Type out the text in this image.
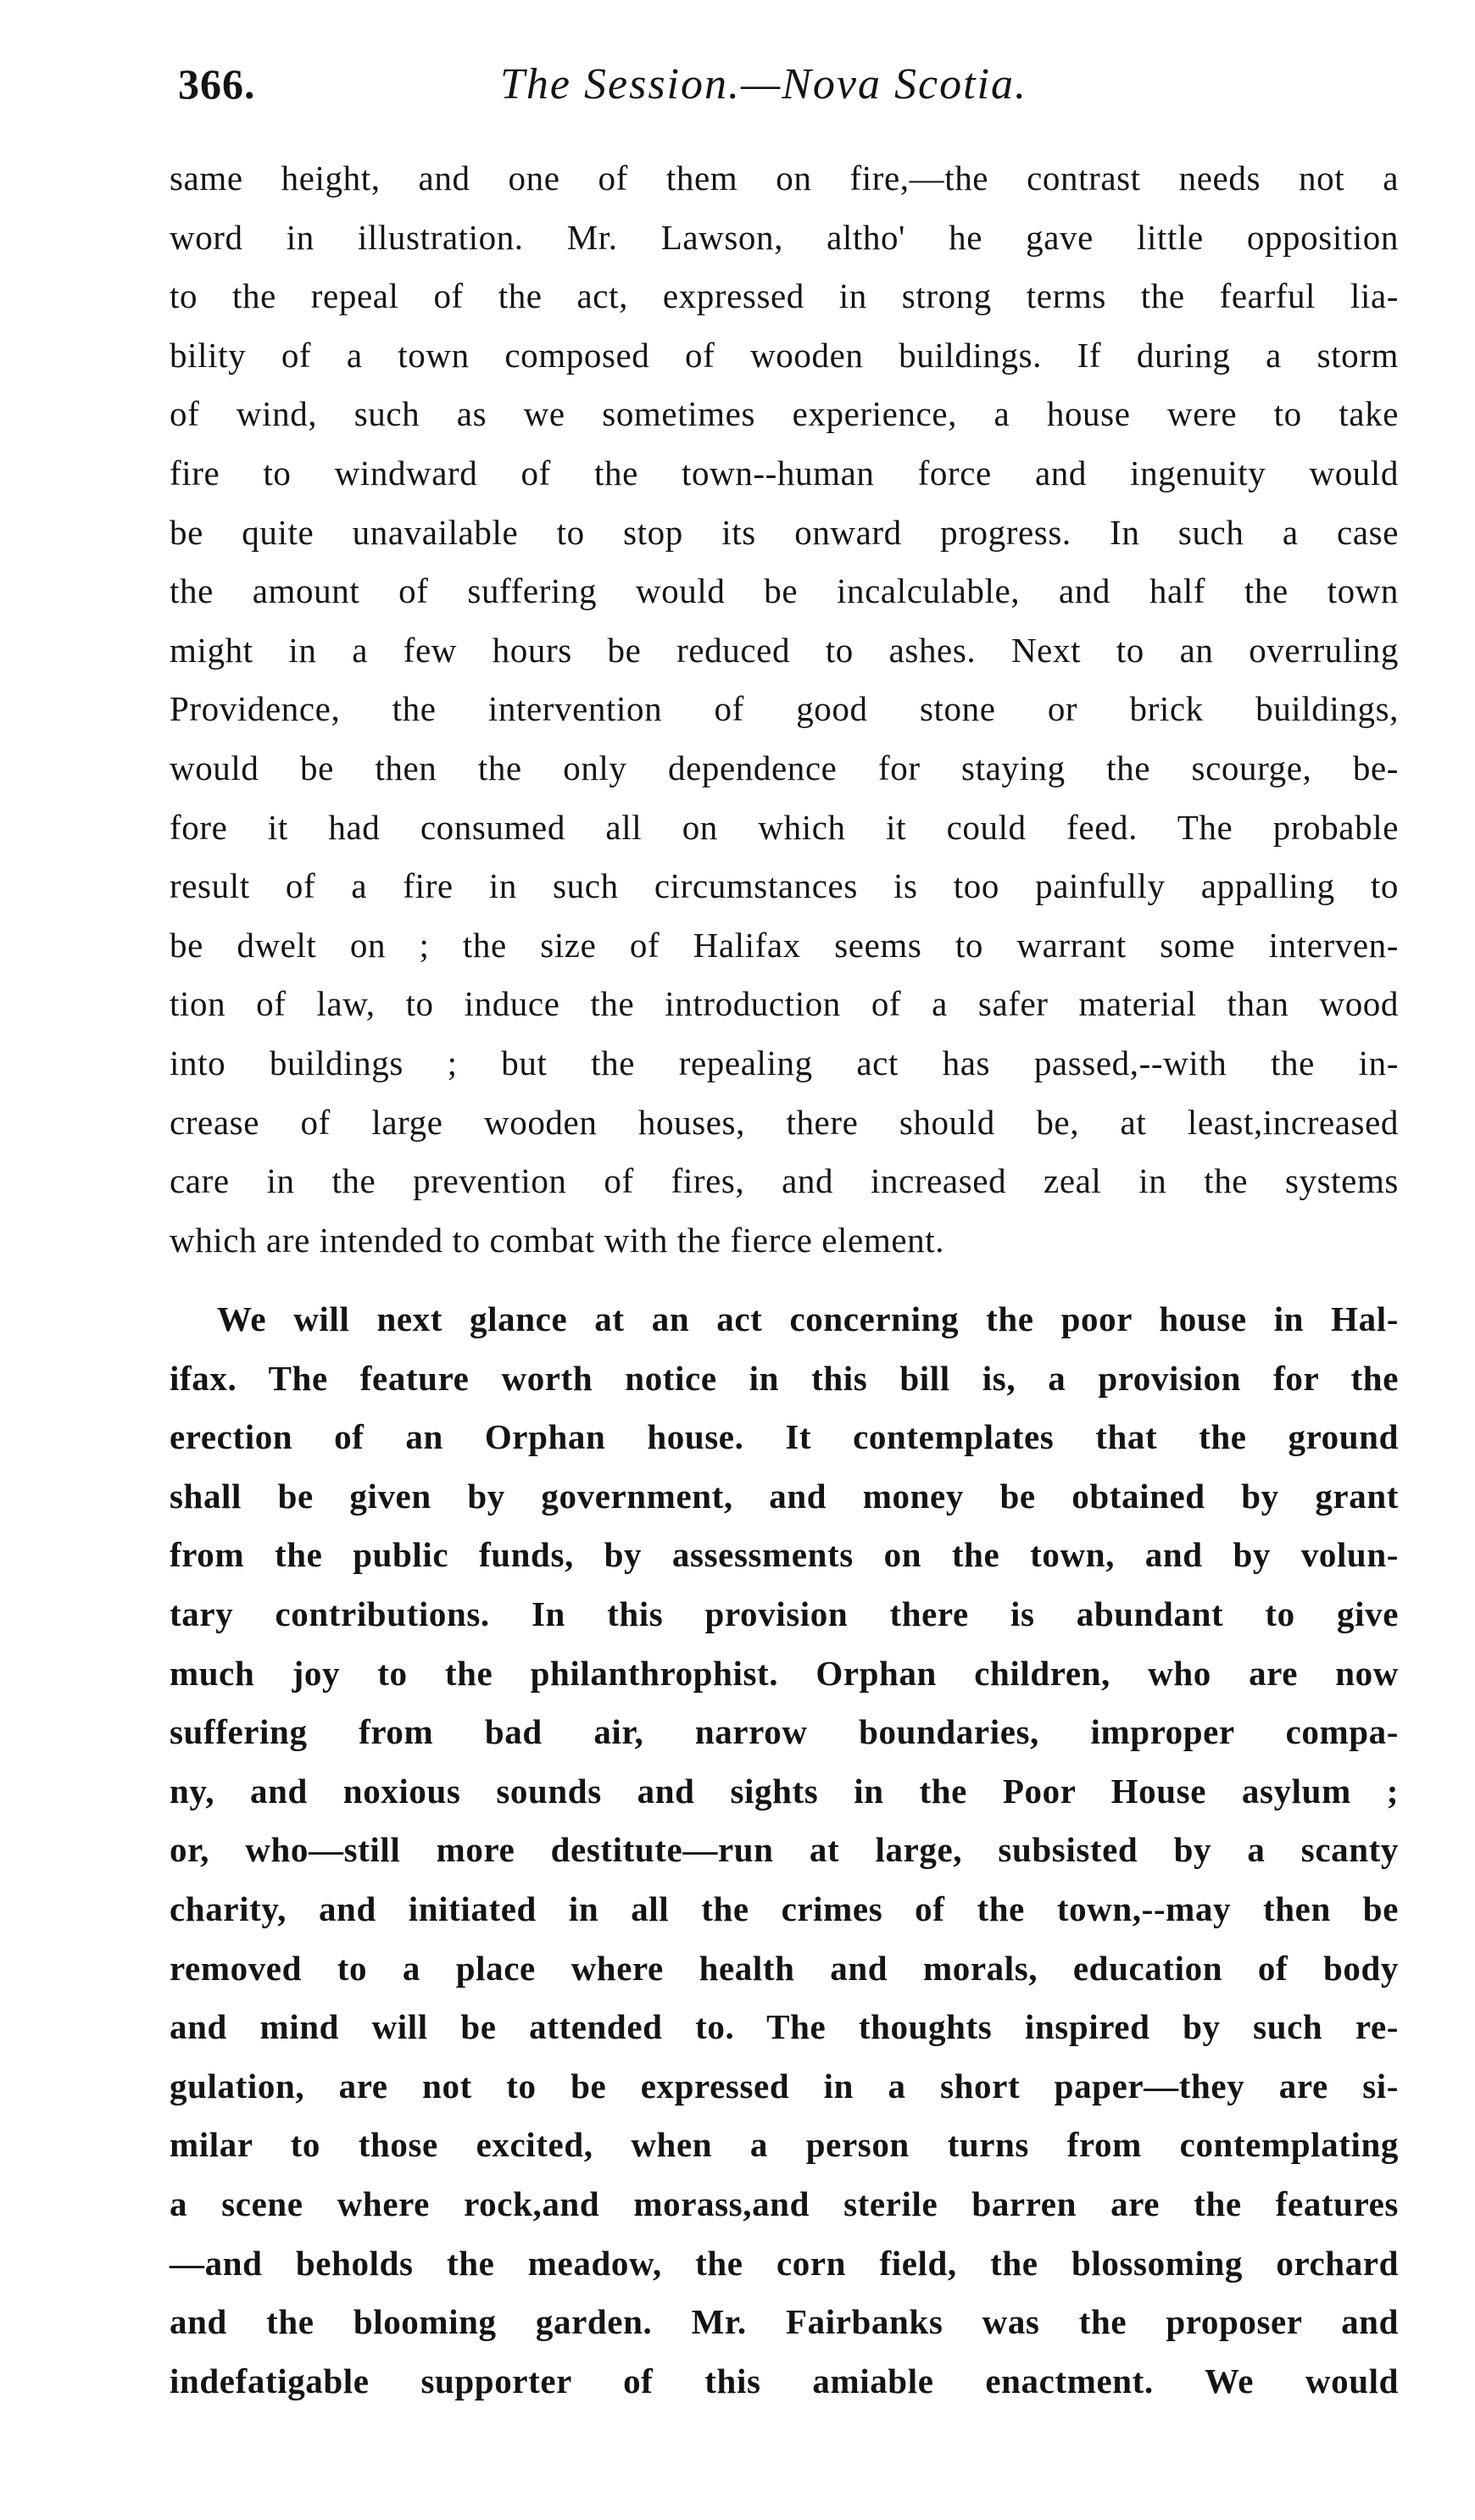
366.	The Session.—Nova Scotia.
same height, and one of them on fire,—the contrast needs not a
word in illustration. Mr. Lawson, altho' he gave little opposition
to the repeal of the act, expressed in strong terms the fearful lia-
bility of a town composed of wooden buildings. If during a storm
of wind, such as we sometimes experience, a house were to take
fire to windward of the town--human force and ingenuity would
be quite unavailable to stop its onward progress. In such a case
the amount of suffering would be incalculable, and half the town
might in a few hours be reduced to ashes. Next to an overruling
Providence, the intervention of good stone or brick buildings,
would be then the only dependence for staying the scourge, be-
fore it had consumed all on which it could feed. The probable
result of a fire in such circumstances is too painfully appalling to
be dwelt on ; the size of Halifax seems to warrant some interven-
tion of law, to induce the introduction of a safer material than wood
into buildings ; but the repealing act has passed,--with the in-
crease of large wooden houses, there should be, at least,increased
care in the prevention of fires, and increased zeal in the systems
which are intended to combat with the fierce element.
We will next glance at an act concerning the poor house in Hal-
ifax. The feature worth notice in this bill is, a provision for the
erection of an Orphan house. It contemplates that the ground
shall be given by government, and money be obtained by grant
from the public funds, by assessments on the town, and by volun-
tary contributions. In this provision there is abundant to give
much joy to the philanthrophist. Orphan children, who are now
suffering from bad air, narrow boundaries, improper compa-
ny, and noxious sounds and sights in the Poor House asylum ;
or, who—still more destitute—run at large, subsisted by a scanty
charity, and initiated in all the crimes of the town,--may then be
removed to a place where health and morals, education of body
and mind will be attended to. The thoughts inspired by such re-
gulation, are not to be expressed in a short paper—they are si-
milar to those excited, when a person turns from contemplating
a scene where rock,and morass,and sterile barren are the features
—and beholds the meadow, the corn field, the blossoming orchard
and the blooming garden. Mr. Fairbanks was the proposer and
indefatigable supporter of this amiable enactment. We would
